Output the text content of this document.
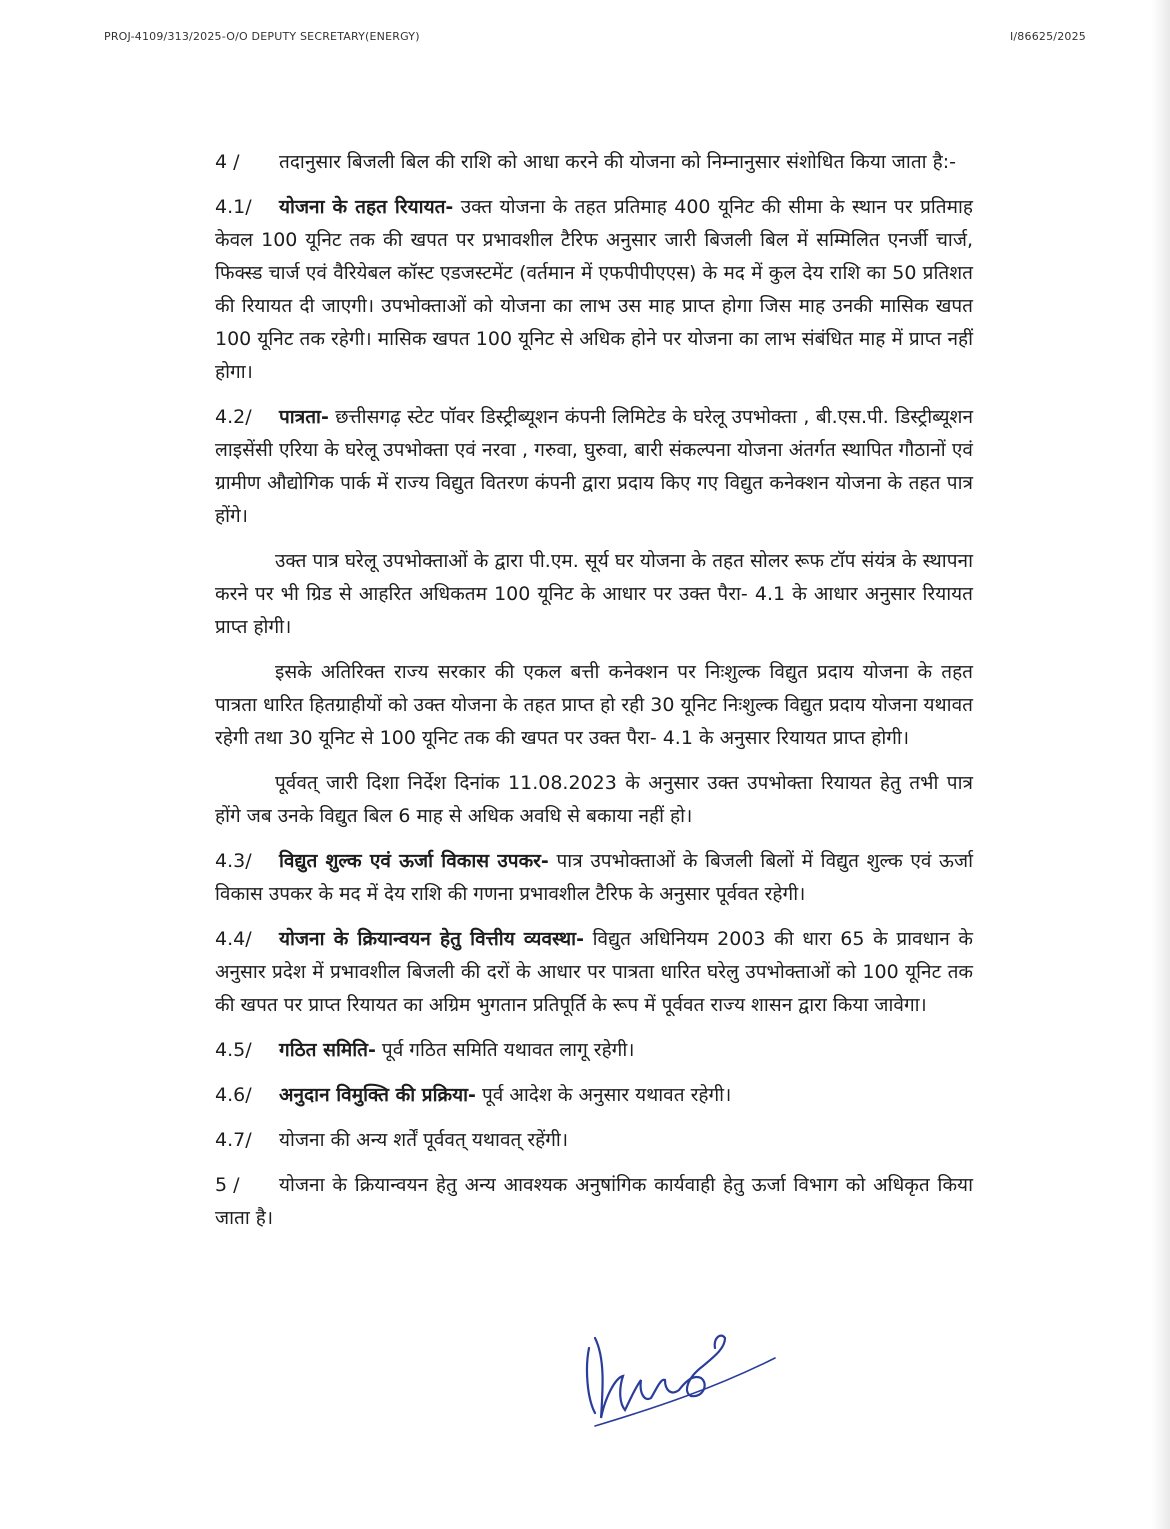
PROJ-4109/313/2025-O/O DEPUTY SECRETARY(ENERGY)	I/86625/2025

4 / तदानुसार बिजली बिल की राशि को आधा करने की योजना को निम्नानुसार संशोधित किया जाता है:-

4.1/ योजना के तहत रियायत- उक्त योजना के तहत प्रतिमाह 400 यूनिट की सीमा के स्थान पर प्रतिमाह केवल 100 यूनिट तक की खपत पर प्रभावशील टैरिफ अनुसार जारी बिजली बिल में सम्मिलित एनर्जी चार्ज, फिक्स्ड चार्ज एवं वैरियेबल कॉस्ट एडजस्टमेंट (वर्तमान में एफपीपीएएस) के मद में कुल देय राशि का 50 प्रतिशत की रियायत दी जाएगी। उपभोक्ताओं को योजना का लाभ उस माह प्राप्त होगा जिस माह उनकी मासिक खपत 100 यूनिट तक रहेगी। मासिक खपत 100 यूनिट से अधिक होने पर योजना का लाभ संबंधित माह में प्राप्त नहीं होगा।

4.2/ पात्रता- छत्तीसगढ़ स्टेट पॉवर डिस्ट्रीब्यूशन कंपनी लिमिटेड के घरेलू उपभोक्ता , बी.एस.पी. डिस्ट्रीब्यूशन लाइसेंसी एरिया के घरेलू उपभोक्ता एवं नरवा , गरुवा, घुरुवा, बारी संकल्पना योजना अंतर्गत स्थापित गौठानों एवं ग्रामीण औद्योगिक पार्क में राज्य विद्युत वितरण कंपनी द्वारा प्रदाय किए गए विद्युत कनेक्शन योजना के तहत पात्र होंगे।

उक्त पात्र घरेलू उपभोक्ताओं के द्वारा पी.एम. सूर्य घर योजना के तहत सोलर रूफ टॉप संयंत्र के स्थापना करने पर भी ग्रिड से आहरित अधिकतम 100 यूनिट के आधार पर उक्त पैरा- 4.1 के आधार अनुसार रियायत प्राप्त होगी।

इसके अतिरिक्त राज्य सरकार की एकल बत्ती कनेक्शन पर निःशुल्क विद्युत प्रदाय योजना के तहत पात्रता धारित हितग्राहीयों को उक्त योजना के तहत प्राप्त हो रही 30 यूनिट निःशुल्क विद्युत प्रदाय योजना यथावत रहेगी तथा 30 यूनिट से 100 यूनिट तक की खपत पर उक्त पैरा- 4.1 के अनुसार रियायत प्राप्त होगी।

पूर्ववत् जारी दिशा निर्देश दिनांक 11.08.2023 के अनुसार उक्त उपभोक्ता रियायत हेतु तभी पात्र होंगे जब उनके विद्युत बिल 6 माह से अधिक अवधि से बकाया नहीं हो।

4.3/ विद्युत शुल्क एवं ऊर्जा विकास उपकर- पात्र उपभोक्ताओं के बिजली बिलों में विद्युत शुल्क एवं ऊर्जा विकास उपकर के मद में देय राशि की गणना प्रभावशील टैरिफ के अनुसार पूर्ववत रहेगी।

4.4/ योजना के क्रियान्वयन हेतु वित्तीय व्यवस्था- विद्युत अधिनियम 2003 की धारा 65 के प्रावधान के अनुसार प्रदेश में प्रभावशील बिजली की दरों के आधार पर पात्रता धारित घरेलु उपभोक्ताओं को 100 यूनिट तक की खपत पर प्राप्त रियायत का अग्रिम भुगतान प्रतिपूर्ति के रूप में पूर्ववत राज्य शासन द्वारा किया जावेगा।

4.5/ गठित समिति- पूर्व गठित समिति यथावत लागू रहेगी।

4.6/ अनुदान विमुक्ति की प्रक्रिया- पूर्व आदेश के अनुसार यथावत रहेगी।

4.7/ योजना की अन्य शर्तें पूर्ववत् यथावत् रहेंगी।

5 / योजना के क्रियान्वयन हेतु अन्य आवश्यक अनुषांगिक कार्यवाही हेतु ऊर्जा विभाग को अधिकृत किया जाता है।
